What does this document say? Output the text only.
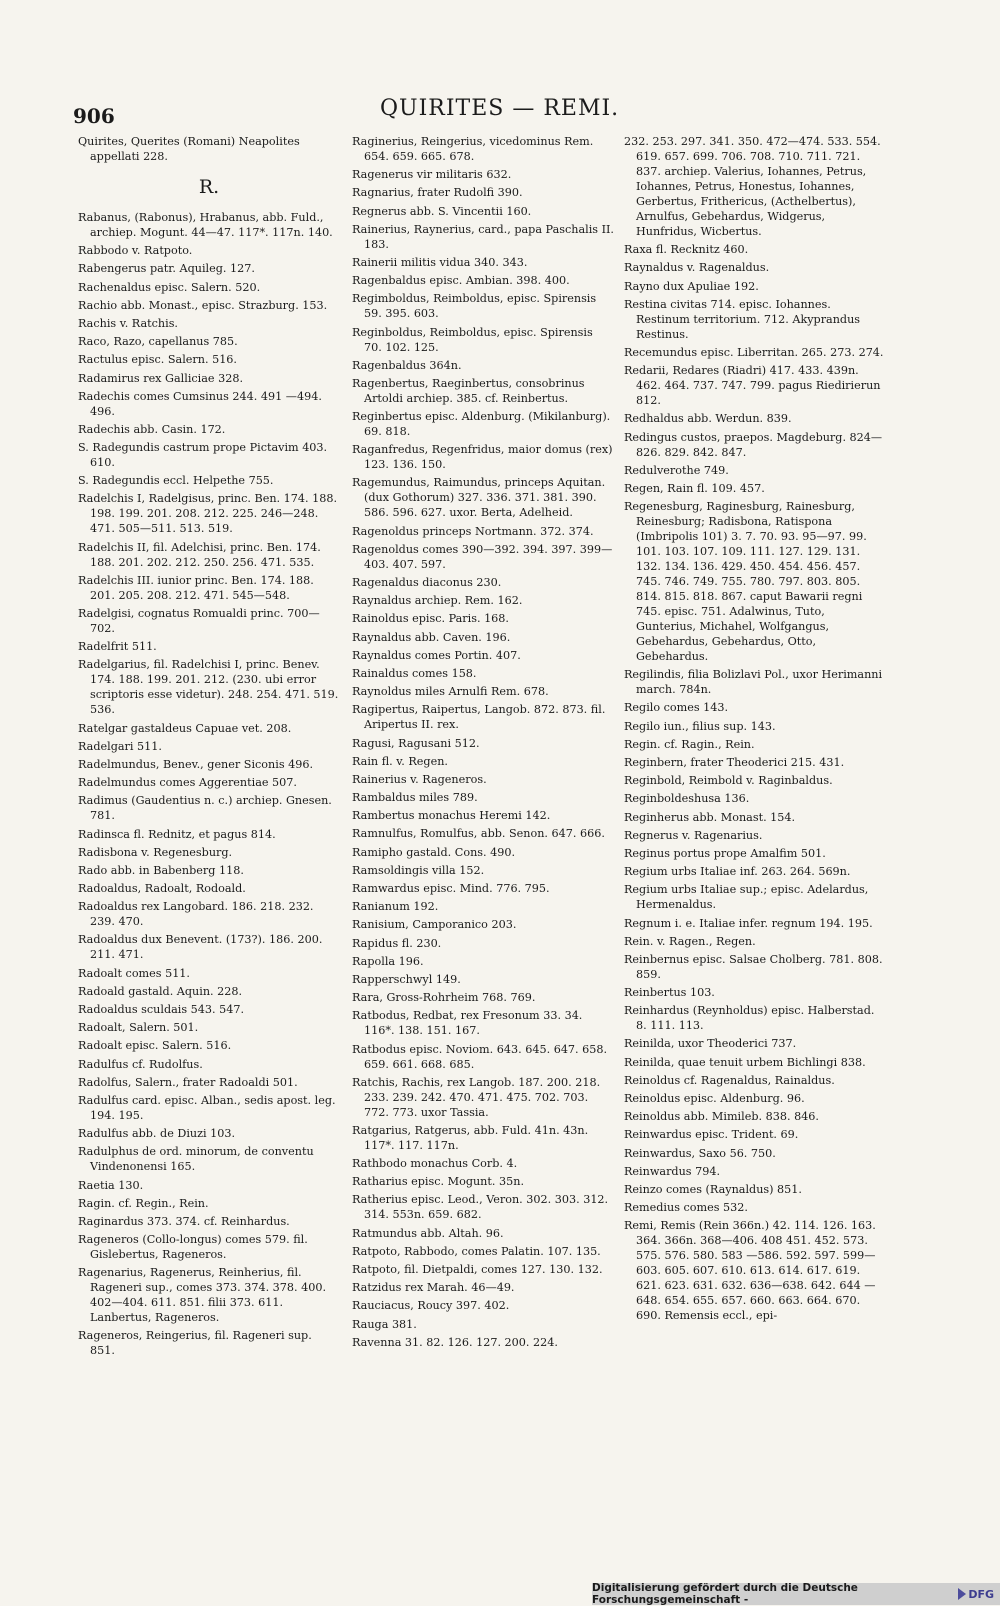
906	QUIRITES — REMI.
Quirites, Querites (Romani) Neapolites appellati 228.
R.
Rabanus, (Rabonus), Hrabanus, abb. Fuld., archiep. Mogunt. 44—47. 117*. 117n. 140.
Rabbodo v. Ratpoto.
Rabengerus patr. Aquileg. 127.
Rachenaldus episc. Salern. 520.
Rachio abb. Monast., episc. Strazburg. 153.
Rachis v. Ratchis.
Raco, Razo, capellanus 785.
Ractulus episc. Salern. 516.
Radamirus rex Galliciae 328.
Radechis comes Cumsinus 244. 491 —494. 496.
Radechis abb. Casin. 172.
S. Radegundis castrum prope Pictavim 403. 610.
S. Radegundis eccl. Helpethe 755.
Radelchis I, Radelgisus, princ. Ben. 174. 188. 198. 199. 201. 208. 212. 225. 246—248. 471. 505—511. 513. 519.
Radelchis II, fil. Adelchisi, princ. Ben. 174. 188. 201. 202. 212. 250. 256. 471. 535.
Radelchis III. iunior princ. Ben. 174. 188. 201. 205. 208. 212. 471. 545—548.
Radelgisi, cognatus Romualdi princ. 700—702.
Radelfrit 511.
Radelgarius, fil. Radelchisi I, princ. Benev. 174. 188. 199. 201. 212. (230. ubi error scriptoris esse videtur). 248. 254. 471. 519. 536.
Ratelgar gastaldeus Capuae vet. 208.
Radelgari 511.
Radelmundus, Benev., gener Siconis 496.
Radelmundus comes Aggerentiae 507.
Radimus (Gaudentius n. c.) archiep. Gnesen. 781.
Radinsca fl. Rednitz, et pagus 814.
Radisbona v. Regenesburg.
Rado abb. in Babenberg 118.
Radoaldus, Radoalt, Rodoald.
Radoaldus rex Langobard. 186. 218. 232. 239. 470.
Radoaldus dux Benevent. (173?). 186. 200. 211. 471.
Radoalt comes 511.
Radoald gastald. Aquin. 228.
Radoaldus sculdais 543. 547.
Radoalt, Salern. 501.
Radoalt episc. Salern. 516.
Radulfus cf. Rudolfus.
Radolfus, Salern., frater Radoaldi 501.
Radulfus card. episc. Alban., sedis apost. leg. 194. 195.
Radulfus abb. de Diuzi 103.
Radulphus de ord. minorum, de conventu Vindenonensi 165.
Raetia 130.
Ragin. cf. Regin., Rein.
Raginardus 373. 374. cf. Reinhardus.
Rageneros (Collo-longus) comes 579. fil. Gislebertus, Rageneros.
Ragenarius, Ragenerus, Reinherius, fil. Rageneri sup., comes 373. 374. 378. 400. 402—404. 611. 851. filii 373. 611. Lanbertus, Rageneros.
Rageneros, Reingerius, fil. Rageneri sup. 851.
Raginerius, Reingerius, vicedominus Rem. 654. 659. 665. 678.
Ragenerus vir militaris 632.
Ragnarius, frater Rudolfi 390.
Regnerus abb. S. Vincentii 160.
Rainerius, Raynerius, card., papa Paschalis II. 183.
Rainerii militis vidua 340. 343.
Ragenbaldus episc. Ambian. 398. 400.
Regimboldus, Reimboldus, episc. Spirensis 59. 395. 603.
Reginboldus, Reimboldus, episc. Spirensis 70. 102. 125.
Ragenbaldus 364n.
Ragenbertus, Raeginbertus, consobrinus Artoldi archiep. 385. cf. Reinbertus.
Reginbertus episc. Aldenburg. (Mikilanburg). 69. 818.
Raganfredus, Regenfridus, maior domus (rex) 123. 136. 150.
Ragemundus, Raimundus, princeps Aquitan. (dux Gothorum) 327. 336. 371. 381. 390. 586. 596. 627. uxor. Berta, Adelheid.
Ragenoldus princeps Nortmann. 372. 374.
Ragenoldus comes 390—392. 394. 397. 399—403. 407. 597.
Ragenaldus diaconus 230.
Raynaldus archiep. Rem. 162.
Rainoldus episc. Paris. 168.
Raynaldus abb. Caven. 196.
Raynaldus comes Portin. 407.
Rainaldus comes 158.
Raynoldus miles Arnulfi Rem. 678.
Ragipertus, Raipertus, Langob. 872. 873. fil. Aripertus II. rex.
Ragusi, Ragusani 512.
Rain fl. v. Regen.
Rainerius v. Rageneros.
Rambaldus miles 789.
Rambertus monachus Heremi 142.
Ramnulfus, Romulfus, abb. Senon. 647. 666.
Ramipho gastald. Cons. 490.
Ramsoldingis villa 152.
Ramwardus episc. Mind. 776. 795.
Ranianum 192.
Ranisium, Camporanico 203.
Rapidus fl. 230.
Rapolla 196.
Rapperschwyl 149.
Rara, Gross-Rohrheim 768. 769.
Ratbodus, Redbat, rex Fresonum 33. 34. 116*. 138. 151. 167.
Ratbodus episc. Noviom. 643. 645. 647. 658. 659. 661. 668. 685.
Ratchis, Rachis, rex Langob. 187. 200. 218. 233. 239. 242. 470. 471. 475. 702. 703. 772. 773. uxor Tassia.
Ratgarius, Ratgerus, abb. Fuld. 41n. 43n. 117*. 117. 117n.
Rathbodo monachus Corb. 4.
Ratharius episc. Mogunt. 35n.
Ratherius episc. Leod., Veron. 302. 303. 312. 314. 553n. 659. 682.
Ratmundus abb. Altah. 96.
Ratpoto, Rabbodo, comes Palatin. 107. 135.
Ratpoto, fil. Dietpaldi, comes 127. 130. 132.
Ratzidus rex Marah. 46—49.
Rauciacus, Roucy 397. 402.
Rauga 381.
Ravenna 31. 82. 126. 127. 200. 224.
232. 253. 297. 341. 350. 472—474. 533. 554. 619. 657. 699. 706. 708. 710. 711. 721. 837. archiep. Valerius, Iohannes, Petrus, Iohannes, Petrus, Honestus, Iohannes, Gerbertus, Frithericus, (Acthelbertus), Arnulfus, Gebehardus, Widgerus, Hunfridus, Wicbertus.
Raxa fl. Recknitz 460.
Raynaldus v. Ragenaldus.
Rayno dux Apuliae 192.
Restina civitas 714. episc. Iohannes. Restinum territorium. 712. Akyprandus Restinus.
Recemundus episc. Liberritan. 265. 273. 274.
Redarii, Redares (Riadri) 417. 433. 439n. 462. 464. 737. 747. 799. pagus Riedirierun 812.
Redhaldus abb. Werdun. 839.
Redingus custos, praepos. Magdeburg. 824—826. 829. 842. 847.
Redulverothe 749.
Regen, Rain fl. 109. 457.
Regenesburg, Raginesburg, Rainesburg, Reinesburg; Radisbona, Ratispona (Imbripolis 101) 3. 7. 70. 93. 95—97. 99. 101. 103. 107. 109. 111. 127. 129. 131. 132. 134. 136. 429. 450. 454. 456. 457. 745. 746. 749. 755. 780. 797. 803. 805. 814. 815. 818. 867. caput Bawarii regni 745. episc. 751. Adalwinus, Tuto, Gunterius, Michahel, Wolfgangus, Gebehardus, Gebehardus, Otto, Gebehardus.
Regilindis, filia Bolizlavi Pol., uxor Herimanni march. 784n.
Regilo comes 143.
Regilo iun., filius sup. 143.
Regin. cf. Ragin., Rein.
Reginbern, frater Theoderici 215. 431.
Reginbold, Reimbold v. Raginbaldus.
Reginboldeshusa 136.
Reginherus abb. Monast. 154.
Regnerus v. Ragenarius.
Reginus portus prope Amalfim 501.
Regium urbs Italiae inf. 263. 264. 569n.
Regium urbs Italiae sup.; episc. Adelardus, Hermenaldus.
Regnum i. e. Italiae infer. regnum 194. 195.
Rein. v. Ragen., Regen.
Reinbernus episc. Salsae Cholberg. 781. 808. 859.
Reinbertus 103.
Reinhardus (Reynholdus) episc. Halberstad. 8. 111. 113.
Reinilda, uxor Theoderici 737.
Reinilda, quae tenuit urbem Bichlingi 838.
Reinoldus cf. Ragenaldus, Rainaldus.
Reinoldus episc. Aldenburg. 96.
Reinoldus abb. Mimileb. 838. 846.
Reinwardus episc. Trident. 69.
Reinwardus, Saxo 56. 750.
Reinwardus 794.
Reinzo comes (Raynaldus) 851.
Remedius comes 532.
Remi, Remis (Rein 366n.) 42. 114. 126. 163. 364. 366n. 368—406. 408 451. 452. 573. 575. 576. 580. 583 —586. 592. 597. 599—603. 605. 607. 610. 613. 614. 617. 619. 621. 623. 631. 632. 636—638. 642. 644 —648. 654. 655. 657. 660. 663. 664. 670. 690. Remensis eccl., epi-
Digitalisierung gefördert durch die Deutsche Forschungsgemeinschaft -	DFG
